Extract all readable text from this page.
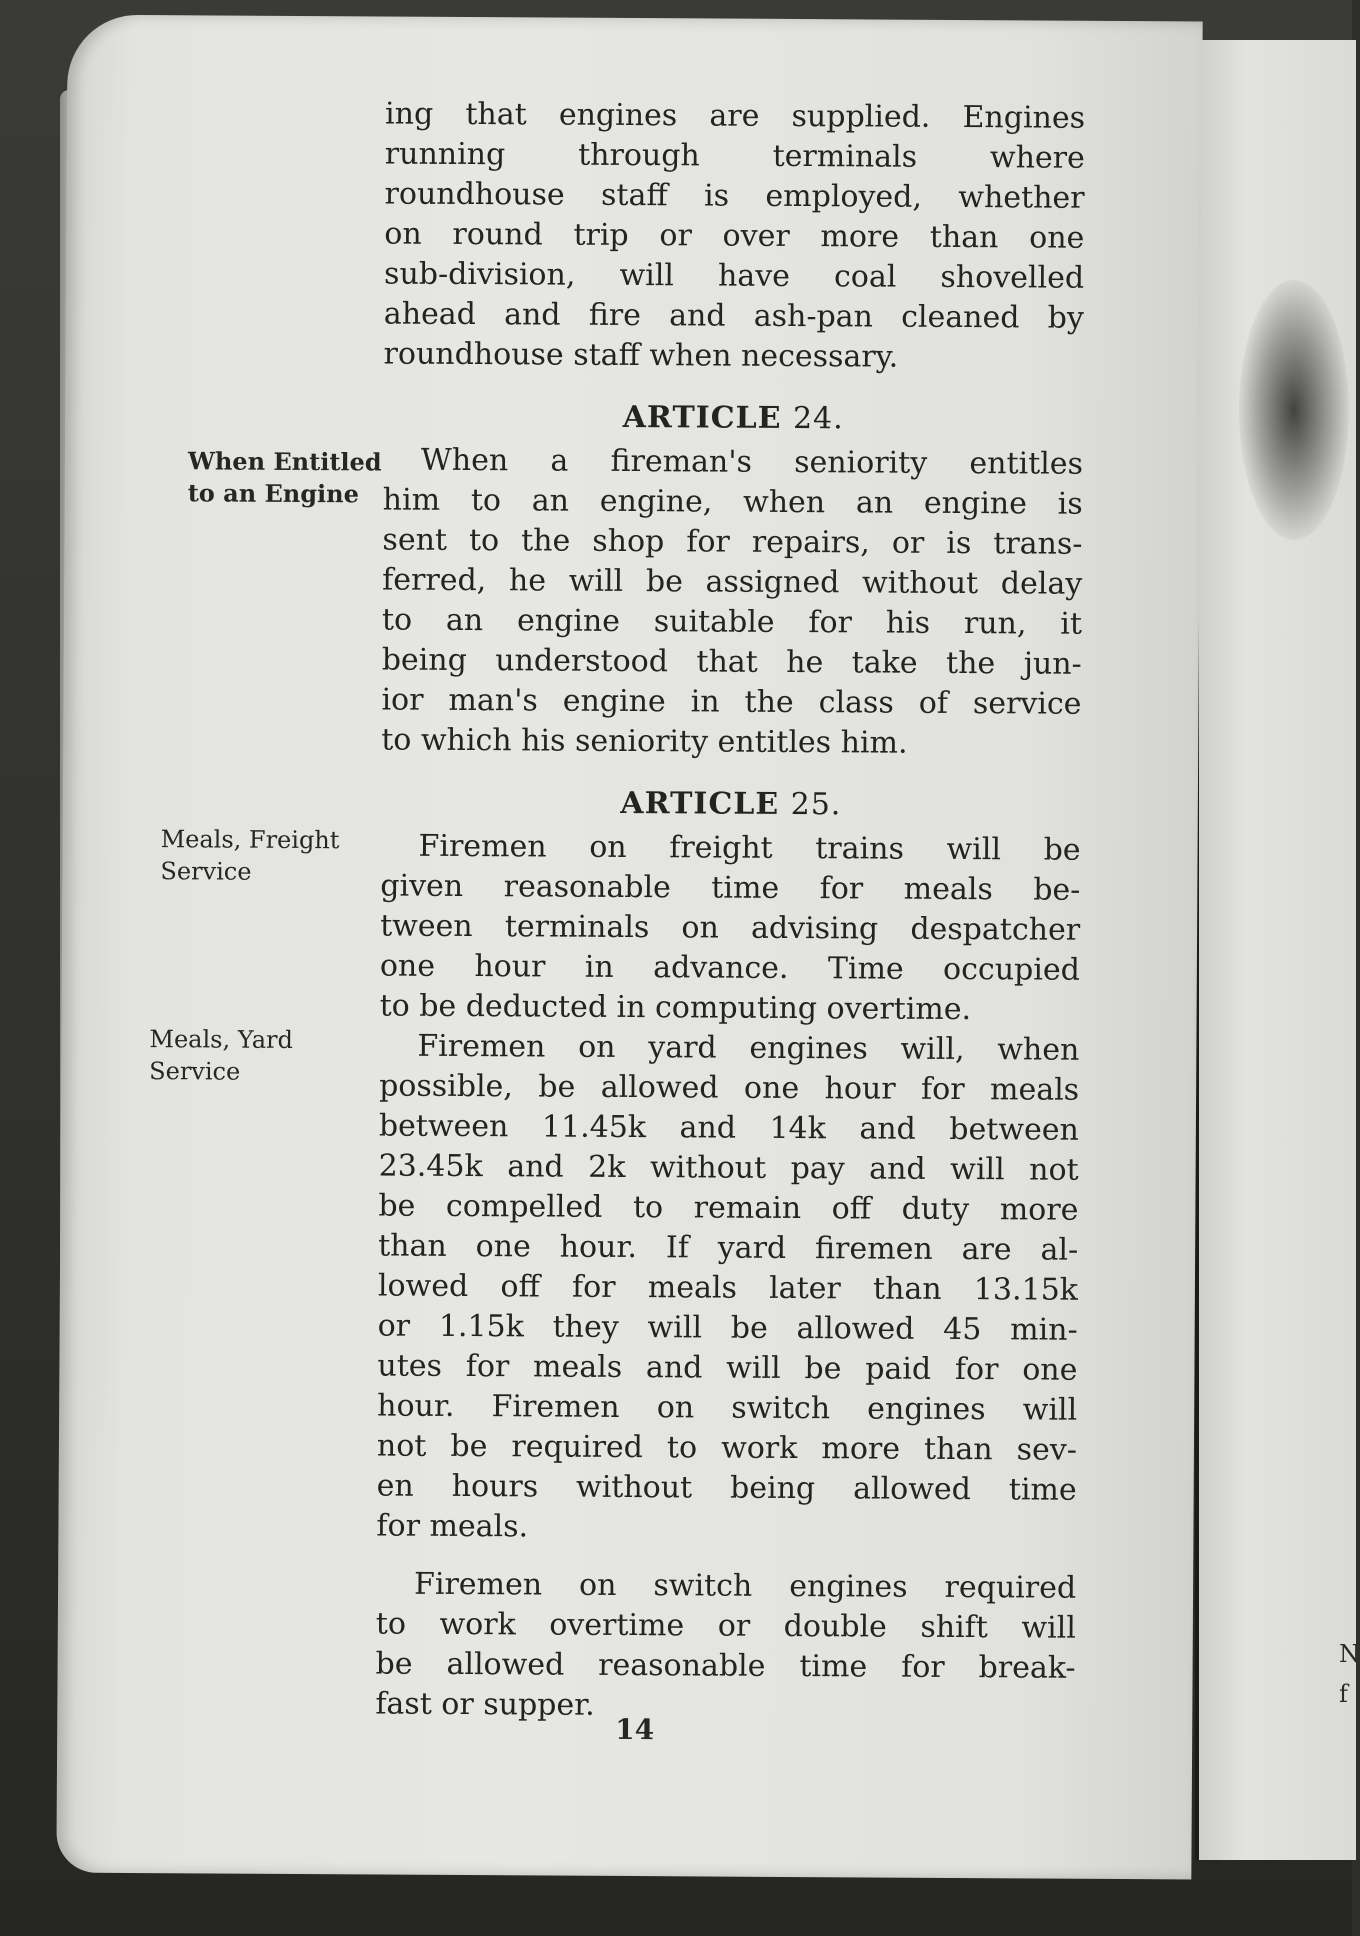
N
f
When Entitled
to an Engine
Meals, Freight
Service
Meals, Yard
Service
ing that engines are supplied. Engines
running through terminals where
roundhouse staff is employed, whether
on round trip or over more than one
sub-division, will have coal shovelled
ahead and fire and ash-pan cleaned by
roundhouse staff when necessary.
ARTICLE 24.
When a fireman's seniority entitles
him to an engine, when an engine is
sent to the shop for repairs, or is trans-
ferred, he will be assigned without delay
to an engine suitable for his run, it
being understood that he take the jun-
ior man's engine in the class of service
to which his seniority entitles him.
ARTICLE 25.
Firemen on freight trains will be
given reasonable time for meals be-
tween terminals on advising despatcher
one hour in advance. Time occupied
to be deducted in computing overtime.
Firemen on yard engines will, when
possible, be allowed one hour for meals
between 11.45k and 14k and between
23.45k and 2k without pay and will not
be compelled to remain off duty more
than one hour. If yard firemen are al-
lowed off for meals later than 13.15k
or 1.15k they will be allowed 45 min-
utes for meals and will be paid for one
hour. Firemen on switch engines will
not be required to work more than sev-
en hours without being allowed time
for meals.
Firemen on switch engines required
to work overtime or double shift will
be allowed reasonable time for break-
fast or supper.
14
